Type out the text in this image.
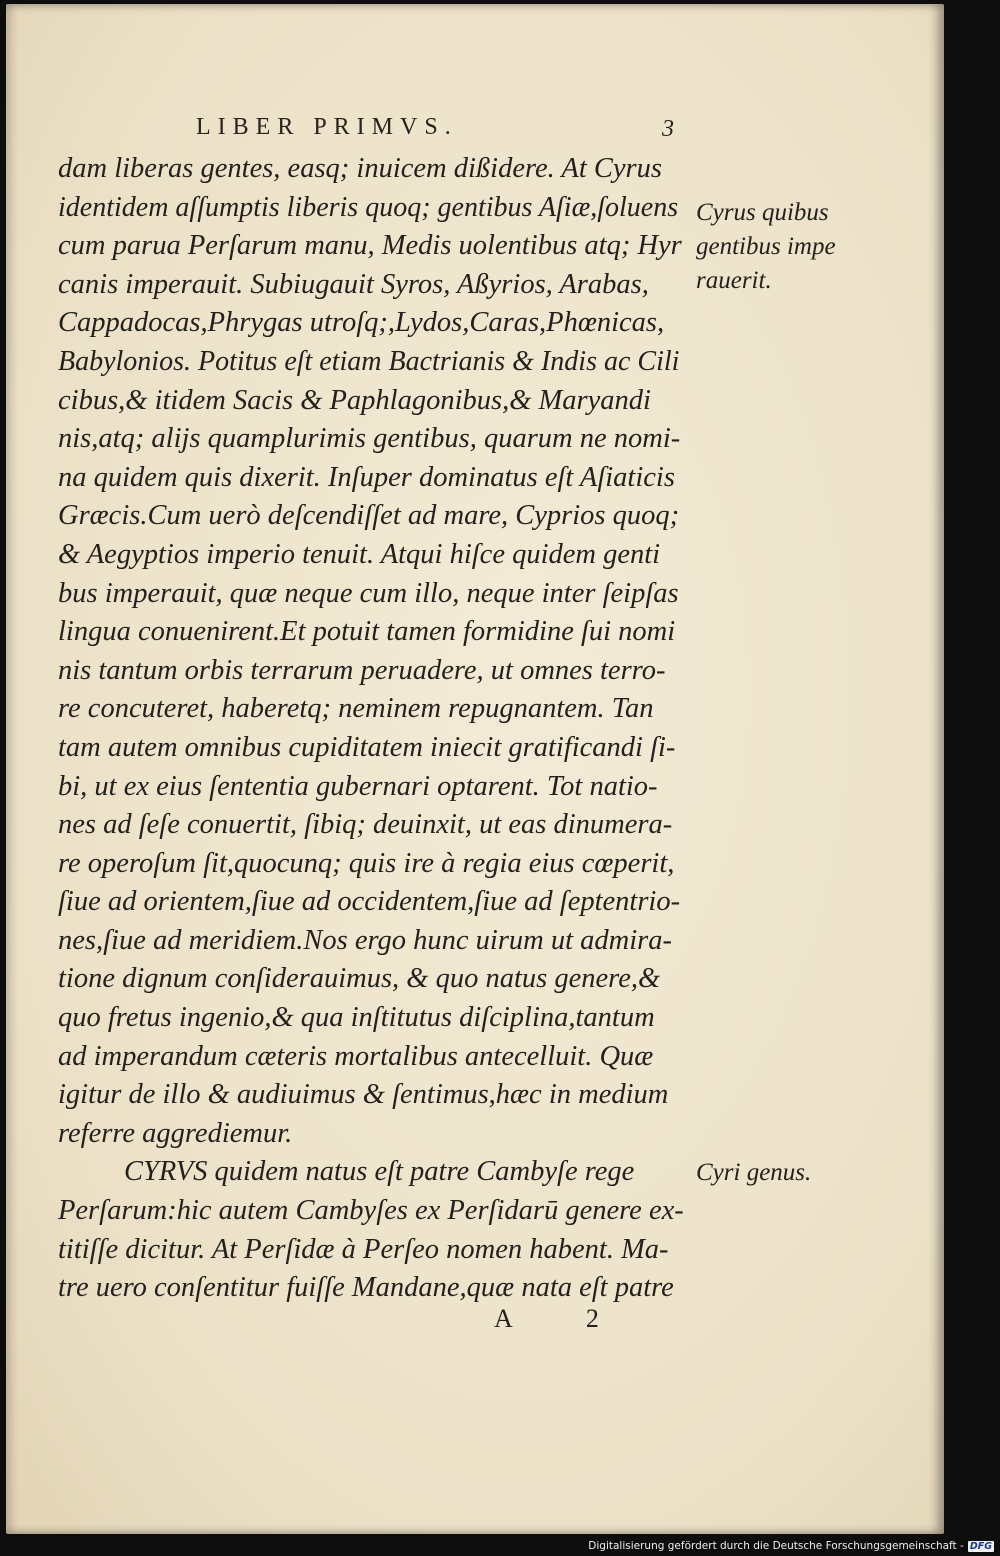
LIBER PRIMVS.	3
dam liberas gentes, easq; inuicem dißidere. At Cyrus
identidem aſſumptis liberis quoq; gentibus Aſiæ,ſoluens
cum parua Perſarum manu, Medis uolentibus atq; Hyr
canis imperauit. Subiugauit Syros, Aßyrios, Arabas,
Cappadocas,Phrygas utroſq;,Lydos,Caras,Phœnicas,
Babylonios. Potitus eſt etiam Bactrianis & Indis ac Cili
cibus,& itidem Sacis & Paphlagonibus,& Maryandi
nis,atq; alijs quamplurimis gentibus, quarum ne nomi-
na quidem quis dixerit. Inſuper dominatus eſt Aſiaticis
Græcis.Cum uerò deſcendiſſet ad mare, Cyprios quoq;
& Aegyptios imperio tenuit. Atqui hiſce quidem genti
bus imperauit, quæ neque cum illo, neque inter ſeipſas
lingua conuenirent.Et potuit tamen formidine ſui nomi
nis tantum orbis terrarum peruadere, ut omnes terro-
re concuteret, haberetq; neminem repugnantem. Tan
tam autem omnibus cupiditatem iniecit gratificandi ſi-
bi, ut ex eius ſententia gubernari optarent. Tot natio-
nes ad ſeſe conuertit, ſibiq; deuinxit, ut eas dinumera-
re operoſum ſit,quocunq; quis ire à regia eius cœperit,
ſiue ad orientem,ſiue ad occidentem,ſiue ad ſeptentrio-
nes,ſiue ad meridiem.Nos ergo hunc uirum ut admira-
tione dignum conſiderauimus, & quo natus genere,&
quo fretus ingenio,& qua inſtitutus diſciplina,tantum
ad imperandum cæteris mortalibus antecelluit. Quæ
igitur de illo & audiuimus & ſentimus,hæc in medium
referre aggrediemur.
CYRVS quidem natus eſt patre Cambyſe rege
Perſarum:hic autem Cambyſes ex Perſidarū genere ex-
titiſſe dicitur. At Perſidæ à Perſeo nomen habent. Ma-
tre uero conſentitur fuiſſe Mandane,quæ nata eſt patre
Cyrus quibus
gentibus impe
rauerit.
Cyri genus.
A 2
Digitalisierung gefördert durch die Deutsche Forschungsgemeinschaft - DFG
